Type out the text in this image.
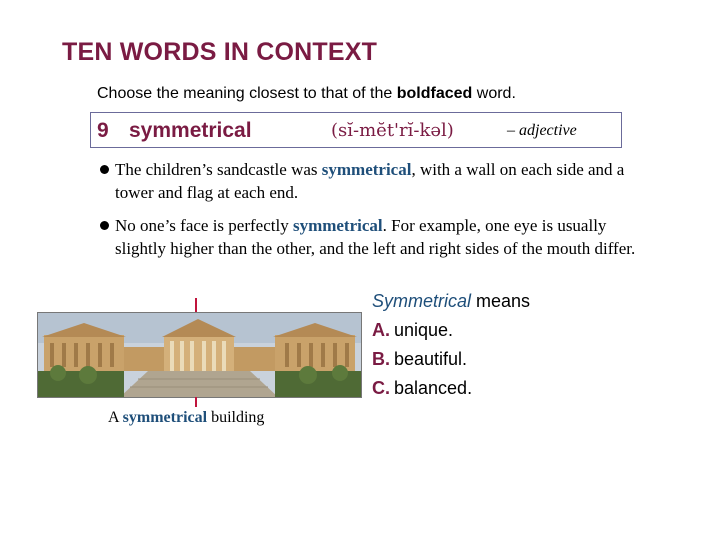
TEN WORDS IN CONTEXT
Choose the meaning closest to that of the boldfaced word.
9 symmetrical	(sĭ-mĕt'rĭ-kəl)	– adjective
The children’s sandcastle was symmetrical, with a wall on each side and a tower and flag at each end.
No one’s face is perfectly symmetrical. For example, one eye is usually slightly higher than the other, and the left and right sides of the mouth differ.
A symmetrical building
Symmetrical means
A. unique.
B. beautiful.
C. balanced.
